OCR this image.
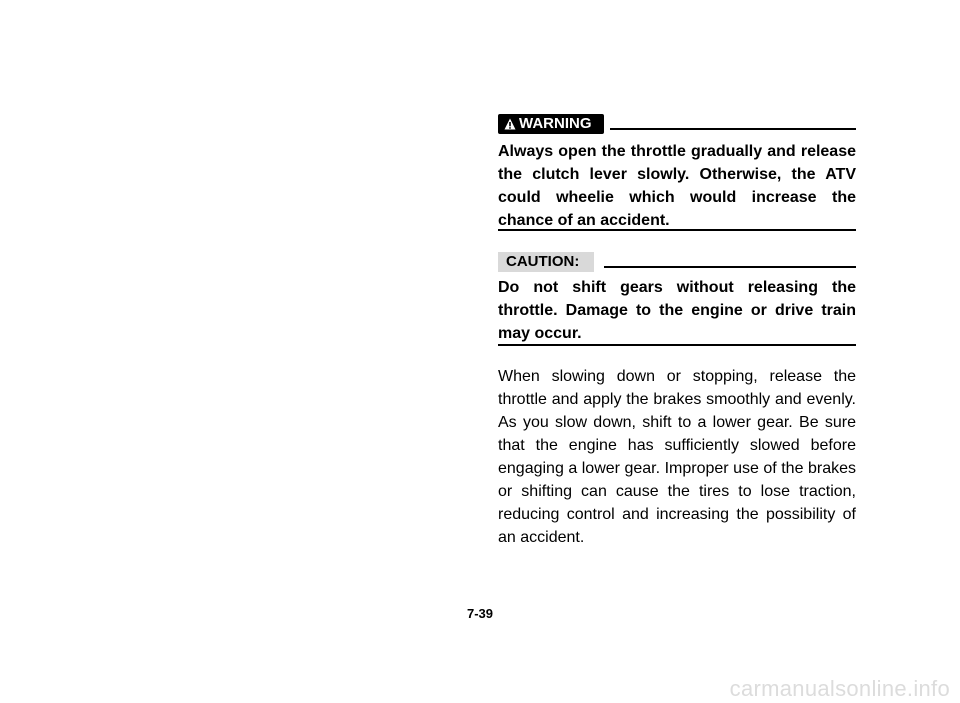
WARNING

Always open the throttle gradually and release the clutch lever slowly. Otherwise, the ATV could wheelie which would increase the chance of an accident.

CAUTION :

Do not shift gears without releasing the throttle. Damage to the engine or drive train may occur.

When slowing down or stopping, release the throttle and apply the brakes smoothly and evenly. As you slow down, shift to a lower gear. Be sure that the engine has sufficiently slowed before engaging a lower gear. Improper use of the brakes or shifting can cause the tires to lose traction, reducing control and increasing the possibility of an accident.

7-39
carmanualsonline.info
